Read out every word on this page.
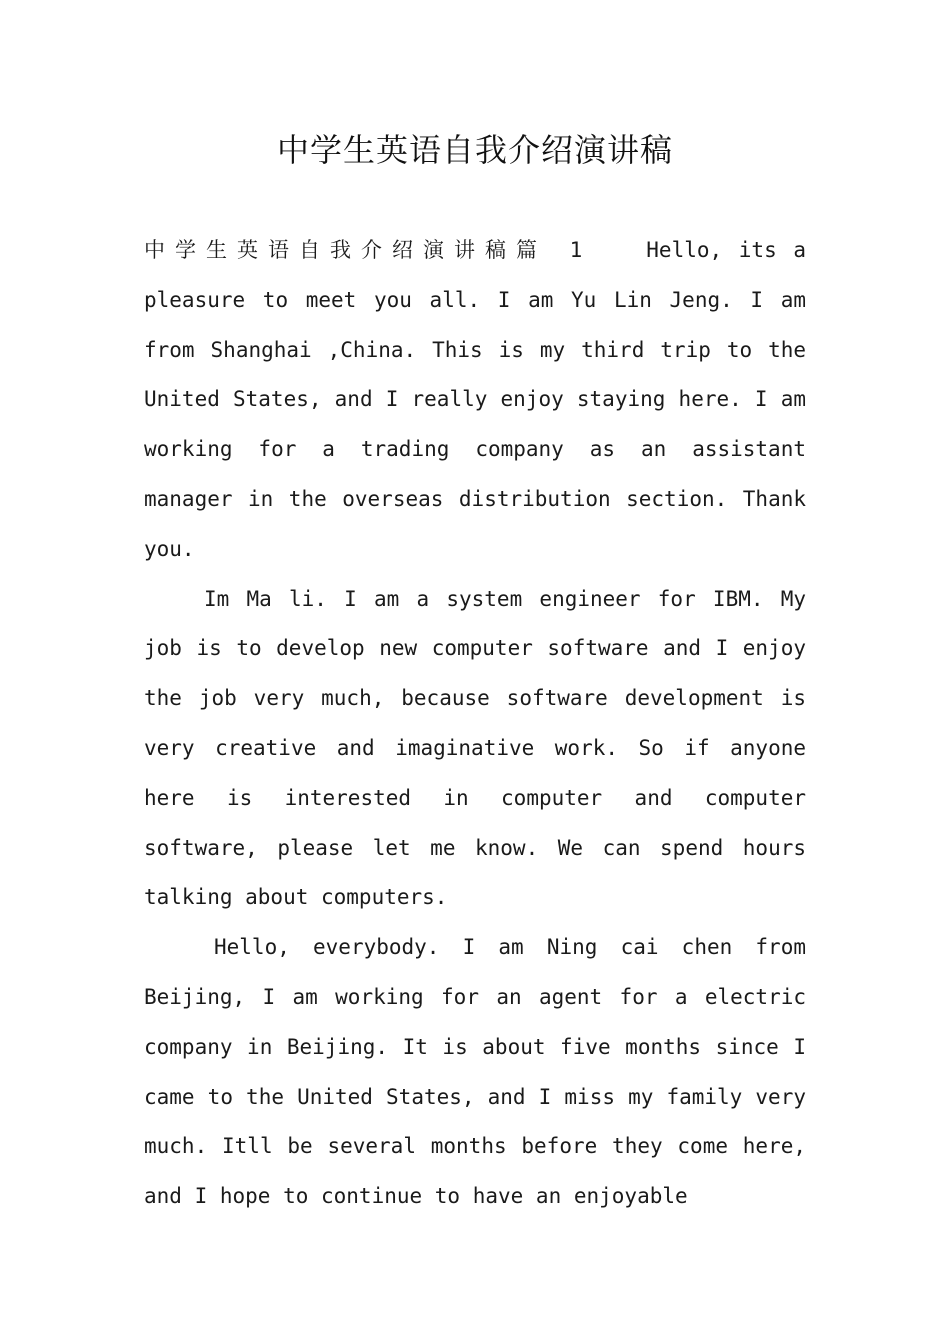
中学生英语自我介绍演讲稿

中学生英语自我介绍演讲稿篇 1	Hello, its a pleasure to meet you all. I am Yu Lin Jeng. I am from Shanghai ,China. This is my third trip to the United States, and I really enjoy staying here. I am working for a trading company as an assistant manager in the overseas distribution section. Thank you.

Im Ma li. I am a system engineer for IBM. My job is to develop new computer software and I enjoy the job very much, because software development is very creative and imaginative work. So if anyone here is interested in computer and computer software, please let me know. We can spend hours talking about computers.

Hello, everybody. I am Ning cai chen from Beijing, I am working for an agent for a electric company in Beijing. It is about five months since I came to the United States, and I miss my family very much. Itll be several months before they come here, and I hope to continue to have an enjoyable
